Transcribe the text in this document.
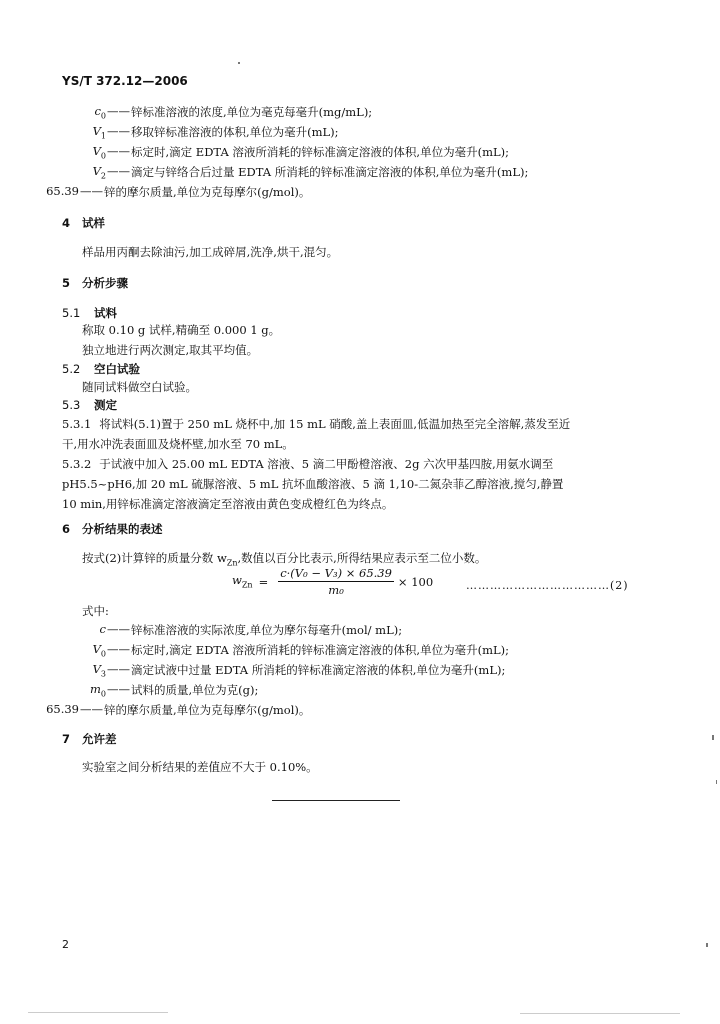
YS/T 372.12—2006
$c_0$ —— 锌标准溶液的浓度,单位为毫克每毫升(mg/mL);
$V_1$ —— 移取锌标准溶液的体积,单位为毫升(mL);
$V_0$ —— 标定时,滴定 EDTA 溶液所消耗的锌标准滴定溶液的体积,单位为毫升(mL);
$V_2$ —— 滴定与锌络合后过量 EDTA 所消耗的锌标准滴定溶液的体积,单位为毫升(mL);
65.39 —— 锌的摩尔质量,单位为克每摩尔(g/mol)。
4 试样
样品用丙酮去除油污,加工成碎屑,洗净,烘干,混匀。
5 分析步骤
5.1 试料
称取 0.10 g 试样,精确至 0.000 1 g。
独立地进行两次测定,取其平均值。
5.2 空白试验
随同试料做空白试验。
5.3 测定
5.3.1 将试料(5.1)置于 250 mL 烧杯中,加 15 mL 硝酸,盖上表面皿,低温加热至完全溶解,蒸发至近
干,用水冲洗表面皿及烧杯壁,加水至 70 mL。
5.3.2 于试液中加入 25.00 mL EDTA 溶液、5 滴二甲酚橙溶液、2g 六次甲基四胺,用氨水调至
pH5.5~pH6,加 20 mL 硫脲溶液、5 mL 抗坏血酸溶液、5 滴 1,10-二氮杂菲乙醇溶液,搅匀,静置
10 min,用锌标准滴定溶液滴定至溶液由黄色变成橙红色为终点。
6 分析结果的表述
按式(2)计算锌的质量分数 $w_{Zn}$,数值以百分比表示,所得结果应表示至二位小数。
$w_{Zn} = \frac{\text{c·(V₀ − V₃) × 65.39}}{\text{m₀}} \times 100$	………………………………(2)
式中:
c —— 锌标准溶液的实际浓度,单位为摩尔每毫升(mol/ mL);
$V_0$ —— 标定时,滴定 EDTA 溶液所消耗的锌标准滴定溶液的体积,单位为毫升(mL);
$V_3$ —— 滴定试液中过量 EDTA 所消耗的锌标准滴定溶液的体积,单位为毫升(mL);
$m_0$ —— 试料的质量,单位为克(g);
65.39 —— 锌的摩尔质量,单位为克每摩尔(g/mol)。
7 允许差
实验室之间分析结果的差值应不大于 0.10%。
2
